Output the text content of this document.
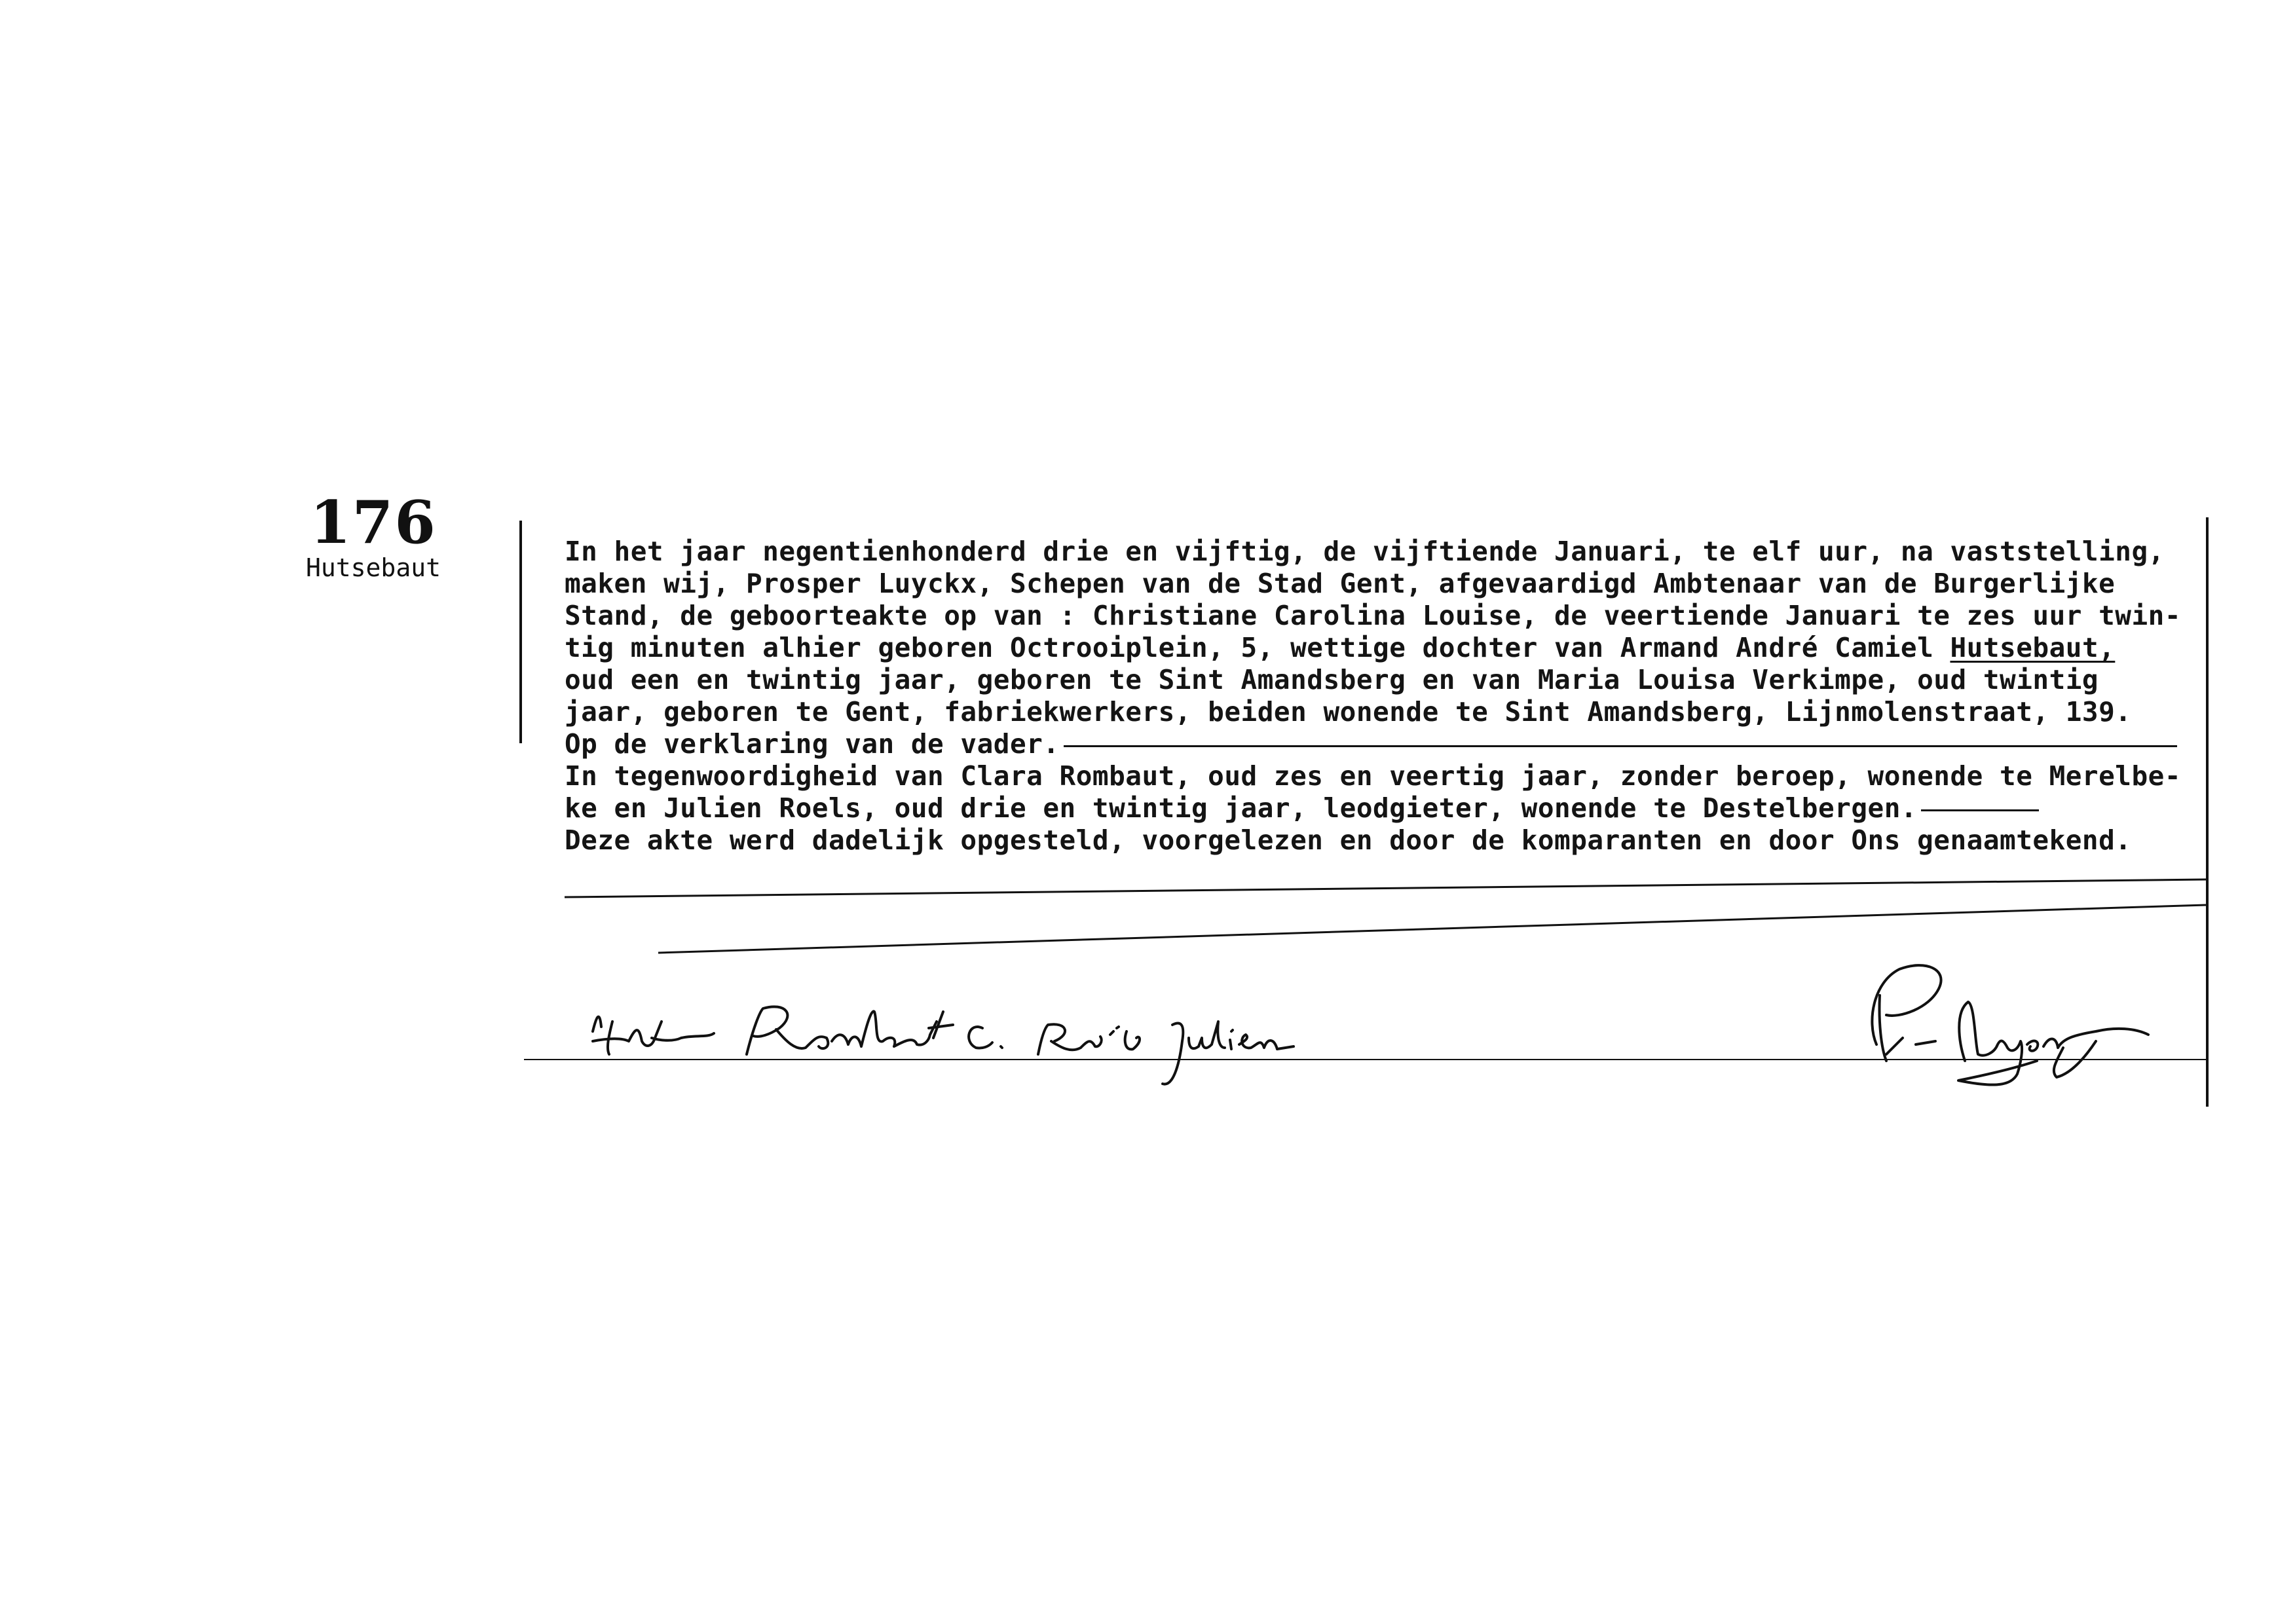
176
Hutsebaut
In het jaar negentienhonderd drie en vijftig, de vijftiende Januari, te elf uur, na vaststelling,
maken wij, Prosper Luyckx, Schepen van de Stad Gent, afgevaardigd Ambtenaar van de Burgerlijke
Stand, de geboorteakte op van : Christiane Carolina Louise, de veertiende Januari te zes uur twin-
tig minuten alhier geboren Octrooiplein, 5, wettige dochter van Armand André Camiel Hutsebaut,
oud een en twintig jaar, geboren te Sint Amandsberg en van Maria Louisa Verkimpe, oud twintig
jaar, geboren te Gent, fabriekwerkers, beiden wonende te Sint Amandsberg, Lijnmolenstraat, 139.
Op de verklaring van de vader.
In tegenwoordigheid van Clara Rombaut, oud zes en veertig jaar, zonder beroep, wonende te Merelbe-
ke en Julien Roels, oud drie en twintig jaar, leodgieter, wonende te Destelbergen.
Deze akte werd dadelijk opgesteld, voorgelezen en door de komparanten en door Ons genaamtekend.
